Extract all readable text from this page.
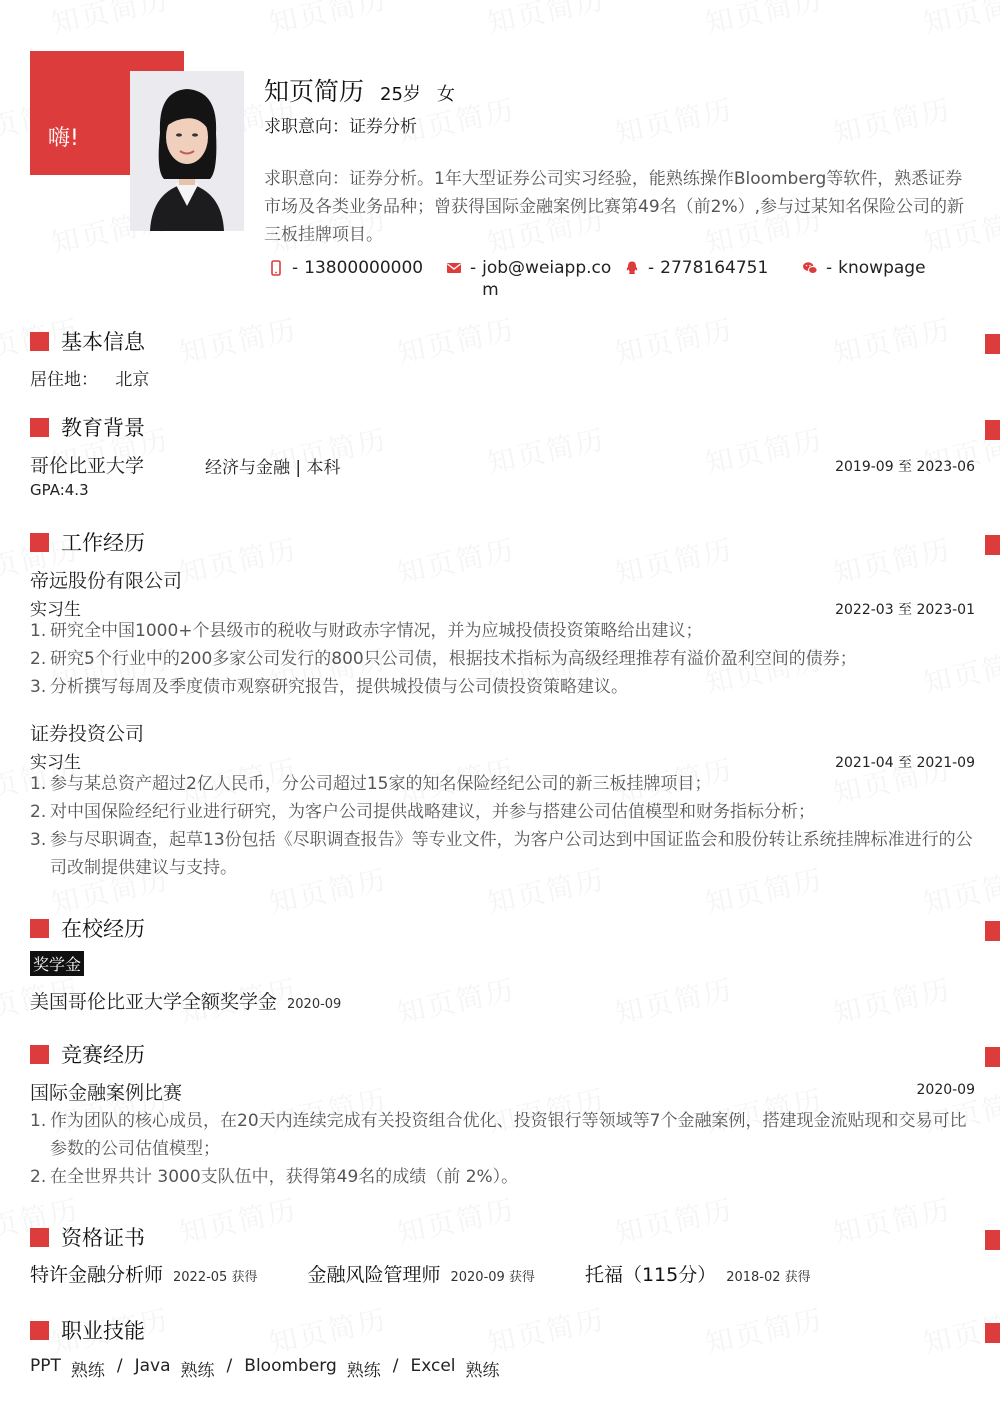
嗨!
知页简历 25岁 女
求职意向：证券分析
求职意向：证券分析。1年大型证券公司实习经验，能熟练操作Bloomberg等软件，熟悉证券市场及各类业务品种；曾获得国际金融案例比赛第49名（前2%）,参与过某知名保险公司的新三板挂牌项目。
- 13800000000	- job@weiapp.co
m
- 2778164751	- knowpage
基本信息
居住地： 北京
教育背景
哥伦比亚大学	经济与金融 | 本科	2019-09 至 2023-06
GPA:4.3
工作经历
帝远股份有限公司
实习生	2022-03 至 2023-01
1. 研究全中国1000+个县级市的税收与财政赤字情况，并为应城投债投资策略给出建议；
2. 研究5个行业中的200多家公司发行的800只公司债，根据技术指标为高级经理推荐有溢价盈利空间的债券；
3. 分析撰写每周及季度债市观察研究报告，提供城投债与公司债投资策略建议。
证券投资公司
实习生	2021-04 至 2021-09
1. 参与某总资产超过2亿人民币，分公司超过15家的知名保险经纪公司的新三板挂牌项目；
2. 对中国保险经纪行业进行研究，为客户公司提供战略建议，并参与搭建公司估值模型和财务指标分析；
3. 参与尽职调查，起草13份包括《尽职调查报告》等专业文件，为客户公司达到中国证监会和股份转让系统挂牌标准进行的公司改制提供建议与支持。
在校经历
奖学金
美国哥伦比亚大学全额奖学金 2020-09
竞赛经历
国际金融案例比赛	2020-09
1. 作为团队的核心成员，在20天内连续完成有关投资组合优化、投资银行等领域等7个金融案例，搭建现金流贴现和交易可比参数的公司估值模型；
2. 在全世界共计 3000支队伍中，获得第49名的成绩（前 2%）。
资格证书
特许金融分析师 2022-05 获得	金融风险管理师 2020-09 获得	托福（115分） 2018-02 获得
职业技能
PPT 熟练 / Java 熟练 / Bloomberg 熟练 / Excel 熟练
